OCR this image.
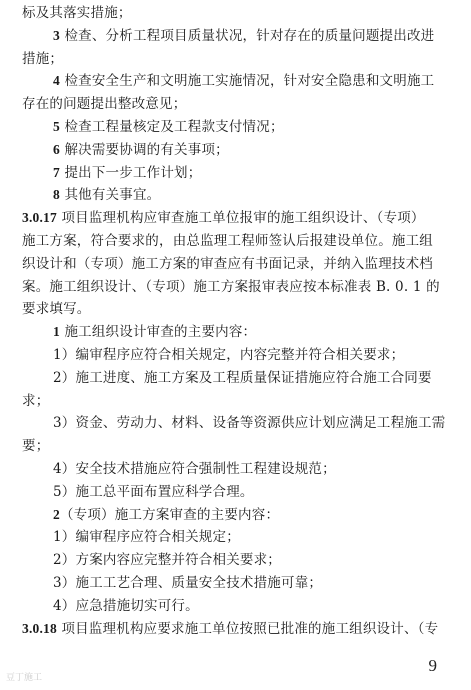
标及其落实措施；
3 检查、分析工程项目质量状况，针对存在的质量问题提出改进
措施；
4 检查安全生产和文明施工实施情况，针对安全隐患和文明施工
存在的问题提出整改意见；
5 检查工程量核定及工程款支付情况；
6 解决需要协调的有关事项；
7 提出下一步工作计划；
8 其他有关事宜。
3.0.17 项目监理机构应审查施工单位报审的施工组织设计、（专项）
施工方案，符合要求的，由总监理工程师签认后报建设单位。施工组
织设计和（专项）施工方案的审查应有书面记录，并纳入监理技术档
案。施工组织设计、（专项）施工方案报审表应按本标准表 B. 0. 1 的
要求填写。
1 施工组织设计审查的主要内容：
1）编审程序应符合相关规定，内容完整并符合相关要求；
2）施工进度、施工方案及工程质量保证措施应符合施工合同要
求；
3）资金、劳动力、材料、设备等资源供应计划应满足工程施工需
要；
4）安全技术措施应符合强制性工程建设规范；
5）施工总平面布置应科学合理。
2（专项）施工方案审查的主要内容：
1）编审程序应符合相关规定；
2）方案内容应完整并符合相关要求；
3）施工工艺合理、质量安全技术措施可靠；
4）应急措施切实可行。
3.0.18 项目监理机构应要求施工单位按照已批准的施工组织设计、（专
9
豆丁施工
